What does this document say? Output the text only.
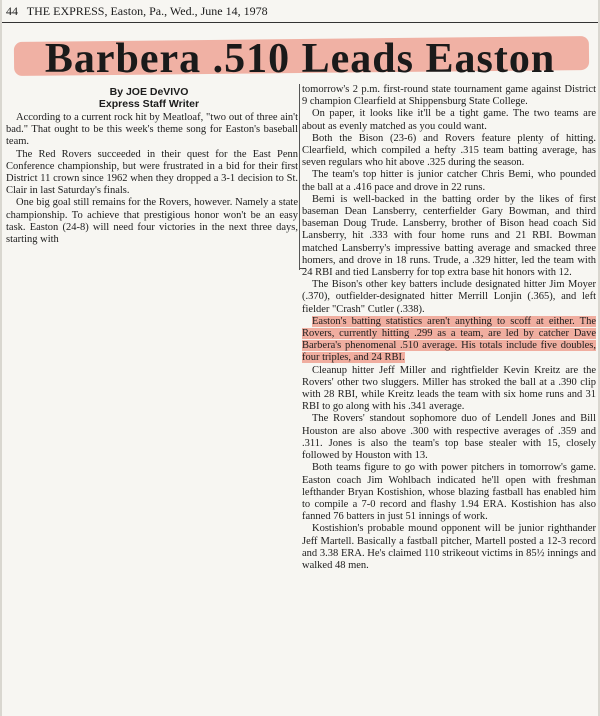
44 THE EXPRESS, Easton, Pa., Wed., June 14, 1978
Barbera .510 Leads Easton
By JOE DeVIVO
Express Staff Writer

According to a current rock hit by Meatloaf, "two out of three ain't bad." That ought to be this week's theme song for Easton's baseball team.

The Red Rovers succeeded in their quest for the East Penn Conference championship, but were frustrated in a bid for their first District 11 crown since 1962 when they dropped a 3-1 decision to St. Clair in last Saturday's finals.

One big goal still remains for the Rovers, however. Namely a state championship. To achieve that prestigious honor won't be an easy task. Easton (24-8) will need four victories in the next three days, starting with

tomorrow's 2 p.m. first-round state tournament game against District 9 champion Clearfield at Shippensburg State College.

On paper, it looks like it'll be a tight game. The two teams are about as evenly matched as you could want.

Both the Bison (23-6) and Rovers feature plenty of hitting. Clearfield, which compiled a hefty .315 team batting average, has seven regulars who hit above .325 during the season.

The team's top hitter is junior catcher Chris Bemi, who pounded the ball at a .416 pace and drove in 22 runs.

Bemi is well-backed in the batting order by the likes of first baseman Dean Lansberry, centerfielder Gary Bowman, and third baseman Doug Trude. Lansberry, brother of Bison head coach Sid Lansberry, hit .333 with four home runs and 21 RBI. Bowman matched Lansberry's impressive batting average and smacked three homers, and drove in 18 runs. Trude, a .329 hitter, led the team with 24 RBI and tied Lansberry for top extra base hit honors with 12.

The Bison's other key batters include designated hitter Jim Moyer (.370), outfielder-designated hitter Merrill Lonjin (.365), and left fielder "Crash" Cutler (.338).

Easton's batting statistics aren't anything to scoff at either. The Rovers, currently hitting .299 as a team, are led by catcher Dave Barbera's phenomenal .510 average. His totals include five doubles, four triples, and 24 RBI.

Cleanup hitter Jeff Miller and rightfielder Kevin Kreitz are the Rovers' other two sluggers. Miller has stroked the ball at a .390 clip with 28 RBI, while Kreitz leads the team with six home runs and 31 RBI to go along with his .341 average.

The Rovers' standout sophomore duo of Lendell Jones and Bill Houston are also above .300 with respective averages of .359 and .311. Jones is also the team's top base stealer with 15, closely followed by Houston with 13.

Both teams figure to go with power pitchers in tomorrow's game. Easton coach Jim Wohlbach indicated he'll open with freshman lefthander Bryan Kostishion, whose blazing fastball has enabled him to compile a 7-0 record and flashy 1.94 ERA. Kostishion has also fanned 76 batters in just 51 innings of work.

Kostishion's probable mound opponent will be junior righthander Jeff Martell. Basically a fastball pitcher, Martell posted a 12-3 record and 3.38 ERA. He's claimed 110 strikeout victims in 85½ innings and walked 48 men.
